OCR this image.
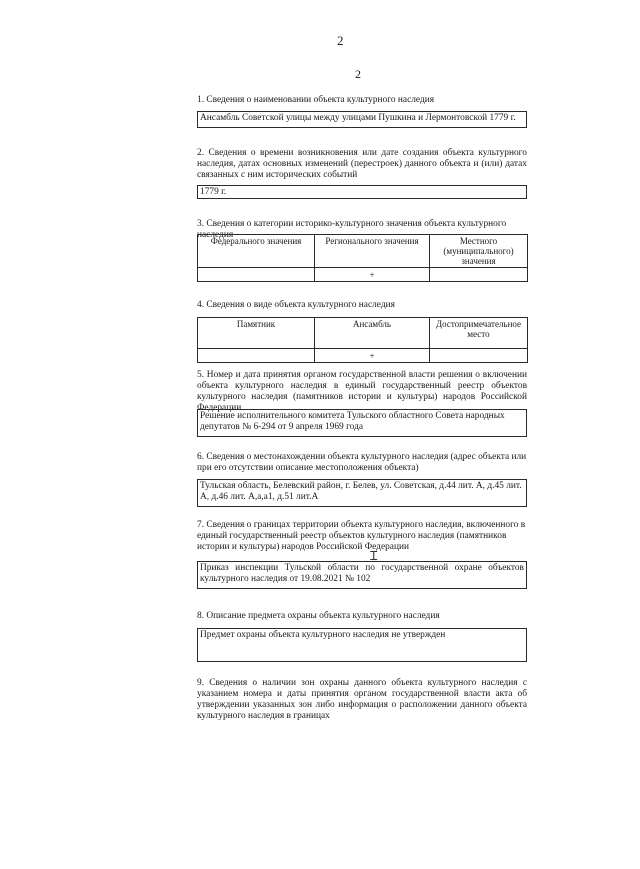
2
2
1. Сведения о наименовании объекта культурного наследия
Ансамбль Советской улицы между улицами Пушкина и Лермонтовской 1779 г.
2. Сведения о времени возникновения или дате создания объекта культурного наследия, датах основных изменений (перестроек) данного объекта и (или) датах связанных с ним исторических событий
1779 г.
3. Сведения о категории историко-культурного значения объекта культурного наследия
Федерального значения	Регионального значения	Местного (муниципального) значения
	+	
4. Сведения о виде объекта культурного наследия
Памятник	Ансамбль	Достопримечательное место
	+	
5. Номер и дата принятия органом государственной власти решения о включении объекта культурного наследия в единый государственный реестр объектов культурного наследия (памятников истории и культуры) народов Российской Федерации
Решение исполнительного комитета Тульского областного Совета народных депутатов № 6-294 от 9 апреля 1969 года
6. Сведения о местонахождении объекта культурного наследия (адрес объекта или при его отсутствии описание местоположения объекта)
Тульская область, Белевский район, г. Белев, ул. Советская, д.44 лит. А, д.45 лит. А, д.46 лит. А,а,а1, д.51 лит.А
7. Сведения о границах территории объекта культурного наследия, включенного в единый государственный реестр объектов культурного наследия (памятников истории и культуры) народов Российской Федерации
Ꮖ
Приказ инспекции Тульской области по государственной охране объектов культурного наследия от 19.08.2021 № 102
8. Описание предмета охраны объекта культурного наследия
Предмет охраны объекта культурного наследия не утвержден
9. Сведения о наличии зон охраны данного объекта культурного наследия с указанием номера и даты принятия органом государственной власти акта об утверждении указанных зон либо информация о расположении данного объекта культурного наследия в границах
